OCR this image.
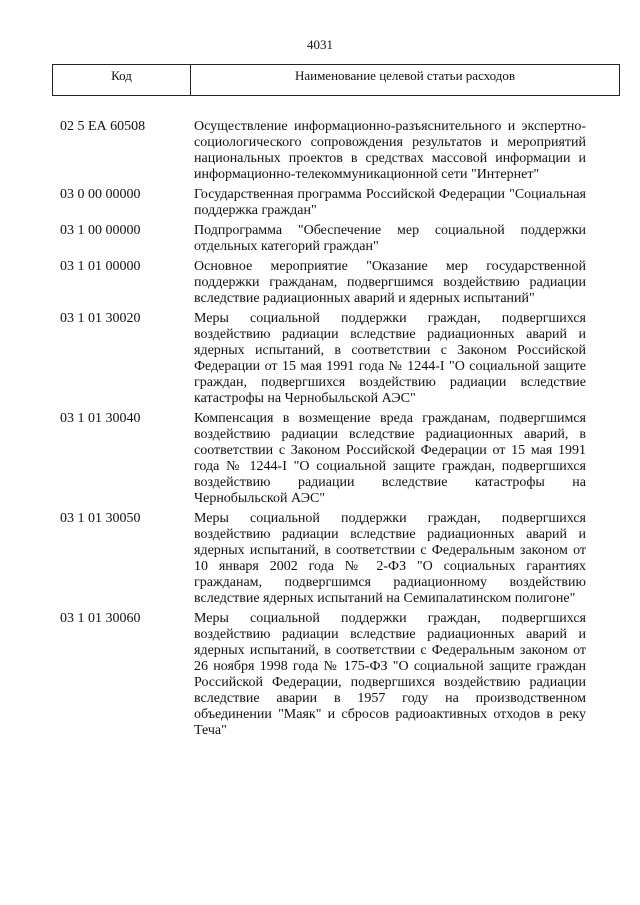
4031
Код	Наименование целевой статьи расходов
02 5 ЕА 60508	Осуществление информационно-разъяснительного и экспертно-социологического сопровождения результатов и мероприятий национальных проектов в средствах массовой информации и информационно-телекоммуникационной сети "Интернет"
03 0 00 00000	Государственная программа Российской Федерации "Социальная поддержка граждан"
03 1 00 00000	Подпрограмма "Обеспечение мер социальной поддержки отдельных категорий граждан"
03 1 01 00000	Основное мероприятие "Оказание мер государственной поддержки гражданам, подвергшимся воздействию радиации вследствие радиационных аварий и ядерных испытаний"
03 1 01 30020	Меры социальной поддержки граждан, подвергшихся воздействию радиации вследствие радиационных аварий и ядерных испытаний, в соответствии с Законом Российской Федерации от 15 мая 1991 года № 1244-I "О социальной защите граждан, подвергшихся воздействию радиации вследствие катастрофы на Чернобыльской АЭС"
03 1 01 30040	Компенсация в возмещение вреда гражданам, подвергшимся воздействию радиации вследствие радиационных аварий, в соответствии с Законом Российской Федерации от 15 мая 1991 года № 1244-I "О социальной защите граждан, подвергшихся воздействию радиации вследствие катастрофы на Чернобыльской АЭС"
03 1 01 30050	Меры социальной поддержки граждан, подвергшихся воздействию радиации вследствие радиационных аварий и ядерных испытаний, в соответствии с Федеральным законом от 10 января 2002 года № 2-ФЗ "О социальных гарантиях гражданам, подвергшимся радиационному воздействию вследствие ядерных испытаний на Семипалатинском полигоне"
03 1 01 30060	Меры социальной поддержки граждан, подвергшихся воздействию радиации вследствие радиационных аварий и ядерных испытаний, в соответствии с Федеральным законом от 26 ноября 1998 года № 175-ФЗ "О социальной защите граждан Российской Федерации, подвергшихся воздействию радиации вследствие аварии в 1957 году на производственном объединении "Маяк" и сбросов радиоактивных отходов в реку Теча"
